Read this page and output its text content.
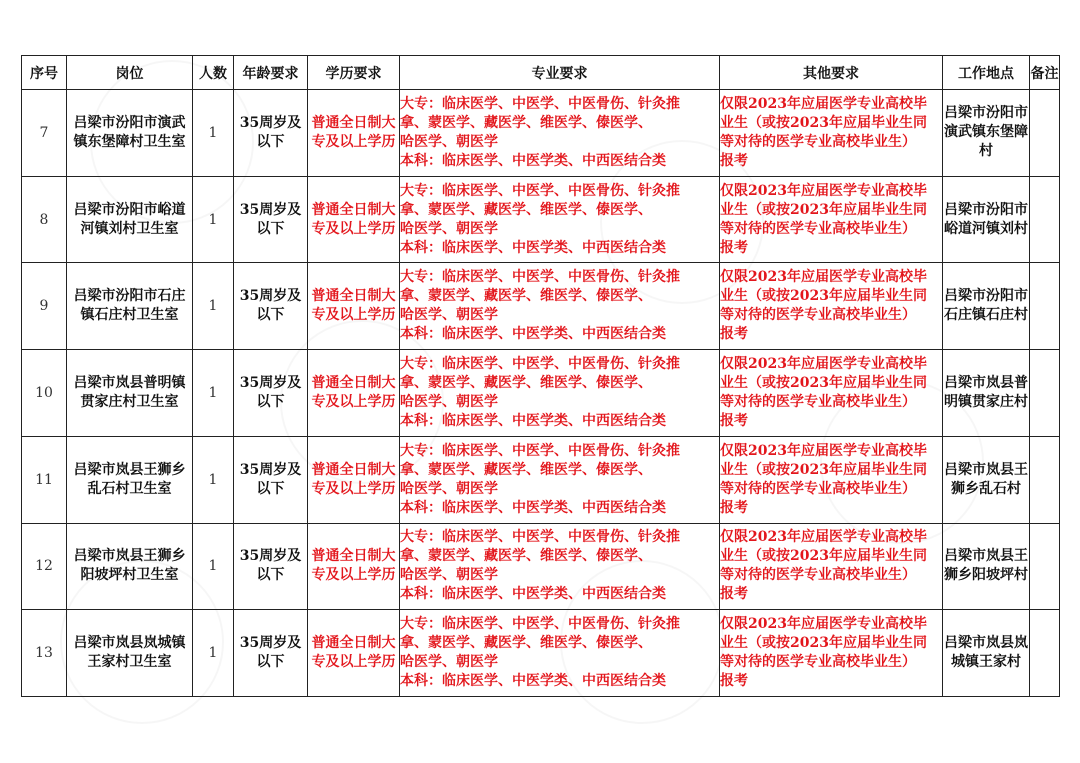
序号	岗位	人数	年龄要求	学历要求	专业要求	其他要求	工作地点	备注
7	吕梁市汾阳市演武镇东堡障村卫生室	1	35周岁及以下	普通全日制大专及以上学历	大专：临床医学、中医学、中医骨伤、针灸推
拿、蒙医学、藏医学、维医学、傣医学、
哈医学、朝医学
本科：临床医学、中医学类、中西医结合类	仅限2023年应届医学专业高校毕
业生（或按2023年应届毕业生同
等对待的医学专业高校毕业生）
报考	吕梁市汾阳市演武镇东堡障村	
8	吕梁市汾阳市峪道河镇刘村卫生室	1	35周岁及以下	普通全日制大专及以上学历	大专：临床医学、中医学、中医骨伤、针灸推
拿、蒙医学、藏医学、维医学、傣医学、
哈医学、朝医学
本科：临床医学、中医学类、中西医结合类	仅限2023年应届医学专业高校毕
业生（或按2023年应届毕业生同
等对待的医学专业高校毕业生）
报考	吕梁市汾阳市峪道河镇刘村	
9	吕梁市汾阳市石庄镇石庄村卫生室	1	35周岁及以下	普通全日制大专及以上学历	大专：临床医学、中医学、中医骨伤、针灸推
拿、蒙医学、藏医学、维医学、傣医学、
哈医学、朝医学
本科：临床医学、中医学类、中西医结合类	仅限2023年应届医学专业高校毕
业生（或按2023年应届毕业生同
等对待的医学专业高校毕业生）
报考	吕梁市汾阳市石庄镇石庄村	
10	吕梁市岚县普明镇贯家庄村卫生室	1	35周岁及以下	普通全日制大专及以上学历	大专：临床医学、中医学、中医骨伤、针灸推
拿、蒙医学、藏医学、维医学、傣医学、
哈医学、朝医学
本科：临床医学、中医学类、中西医结合类	仅限2023年应届医学专业高校毕
业生（或按2023年应届毕业生同
等对待的医学专业高校毕业生）
报考	吕梁市岚县普明镇贯家庄村	
11	吕梁市岚县王狮乡乱石村卫生室	1	35周岁及以下	普通全日制大专及以上学历	大专：临床医学、中医学、中医骨伤、针灸推
拿、蒙医学、藏医学、维医学、傣医学、
哈医学、朝医学
本科：临床医学、中医学类、中西医结合类	仅限2023年应届医学专业高校毕
业生（或按2023年应届毕业生同
等对待的医学专业高校毕业生）
报考	吕梁市岚县王狮乡乱石村	
12	吕梁市岚县王狮乡阳坡坪村卫生室	1	35周岁及以下	普通全日制大专及以上学历	大专：临床医学、中医学、中医骨伤、针灸推
拿、蒙医学、藏医学、维医学、傣医学、
哈医学、朝医学
本科：临床医学、中医学类、中西医结合类	仅限2023年应届医学专业高校毕
业生（或按2023年应届毕业生同
等对待的医学专业高校毕业生）
报考	吕梁市岚县王狮乡阳坡坪村	
13	吕梁市岚县岚城镇王家村卫生室	1	35周岁及以下	普通全日制大专及以上学历	大专：临床医学、中医学、中医骨伤、针灸推
拿、蒙医学、藏医学、维医学、傣医学、
哈医学、朝医学
本科：临床医学、中医学类、中西医结合类	仅限2023年应届医学专业高校毕
业生（或按2023年应届毕业生同
等对待的医学专业高校毕业生）
报考	吕梁市岚县岚城镇王家村	
